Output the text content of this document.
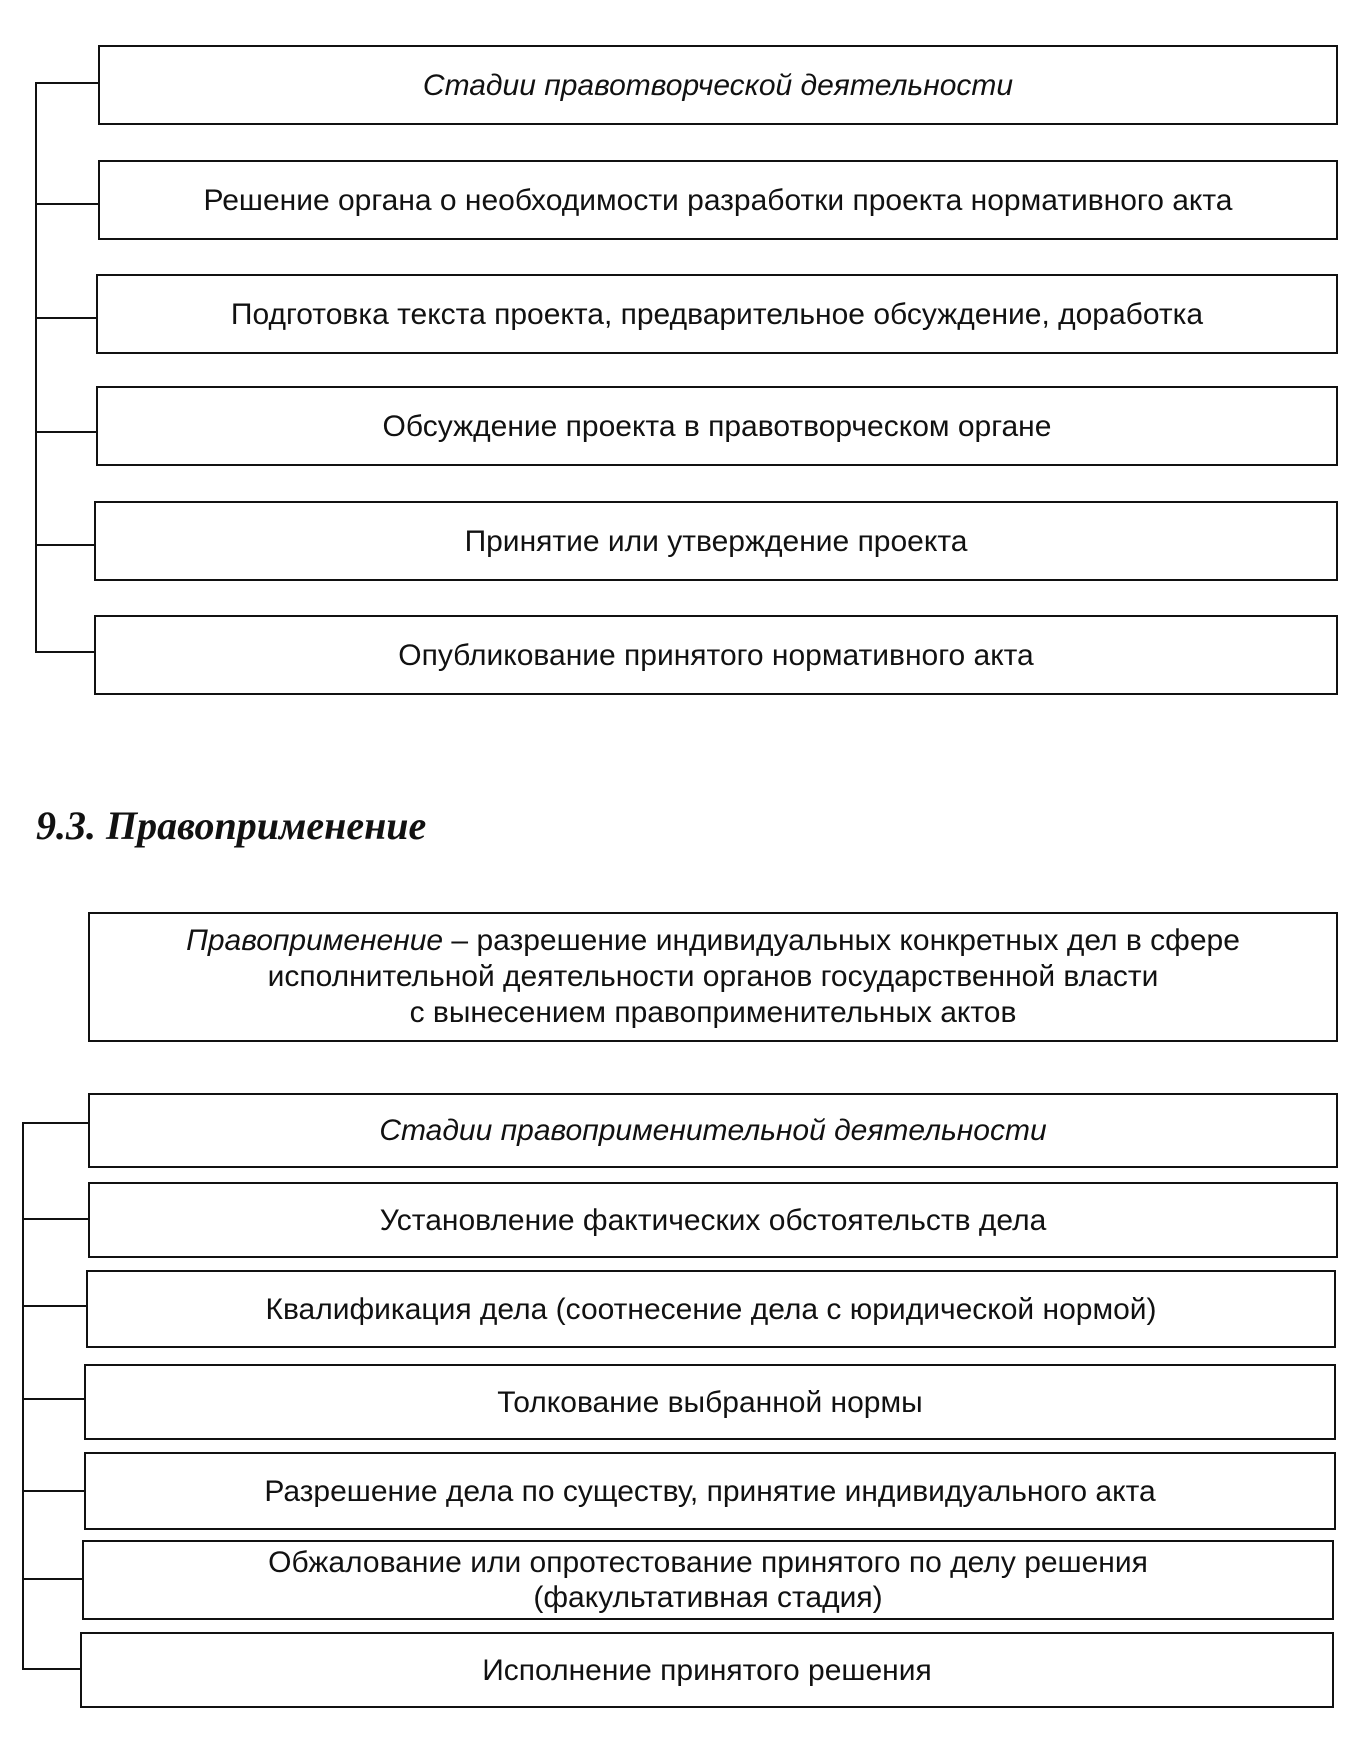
Стадии правотворческой деятельности
Решение органа о необходимости разработки проекта нормативного акта
Подготовка текста проекта, предварительное обсуждение, доработка
Обсуждение проекта в правотворческом органе
Принятие или утверждение проекта
Опубликование принятого нормативного акта
9.3. Правоприменение
Правоприменение – разрешение индивидуальных конкретных дел в сфере
исполнительной деятельности органов государственной власти
с вынесением правоприменительных актов
Стадии правоприменительной деятельности
Установление фактических обстоятельств дела
Квалификация дела (соотнесение дела с юридической нормой)
Толкование выбранной нормы
Разрешение дела по существу, принятие индивидуального акта
Обжалование или опротестование принятого по делу решения
(факультативная стадия)
Исполнение принятого решения
